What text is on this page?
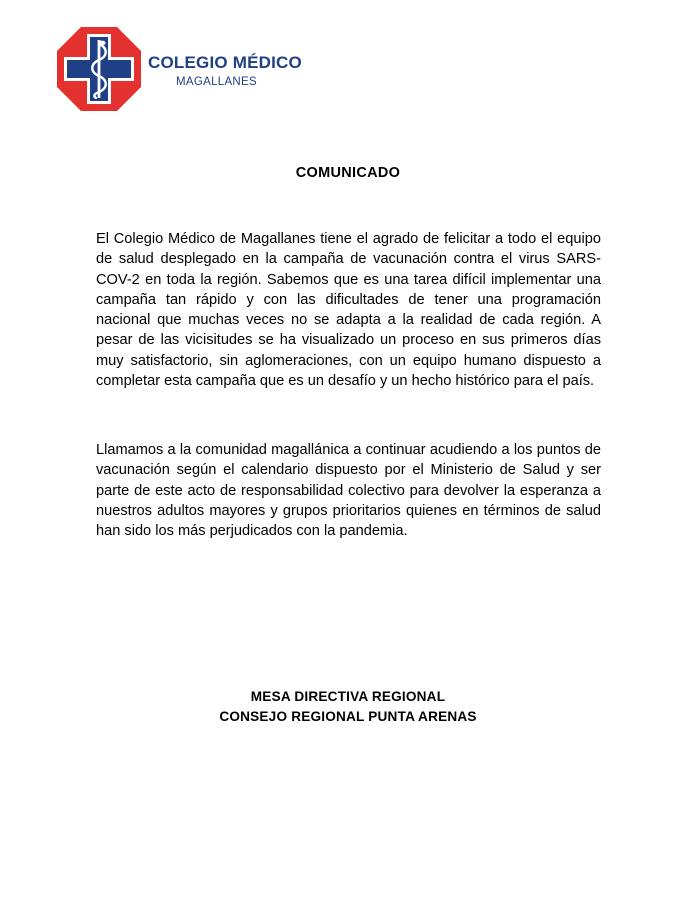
COLEGIO MÉDICO
MAGALLANES
COMUNICADO

El Colegio Médico de Magallanes tiene el agrado de felicitar a todo el equipo de salud desplegado en la campaña de vacunación contra el virus SARS-COV-2 en toda la región. Sabemos que es una tarea difícil implementar una campaña tan rápido y con las dificultades de tener una programación nacional que muchas veces no se adapta a la realidad de cada región. A pesar de las vicisitudes se ha visualizado un proceso en sus primeros días muy satisfactorio, sin aglomeraciones, con un equipo humano dispuesto a completar esta campaña que es un desafío y un hecho histórico para el país.

Llamamos a la comunidad magallánica a continuar acudiendo a los puntos de vacunación según el calendario dispuesto por el Ministerio de Salud y ser parte de este acto de responsabilidad colectivo para devolver la esperanza a nuestros adultos mayores y grupos prioritarios quienes en términos de salud han sido los más perjudicados con la pandemia.

MESA DIRECTIVA REGIONAL
CONSEJO REGIONAL PUNTA ARENAS
